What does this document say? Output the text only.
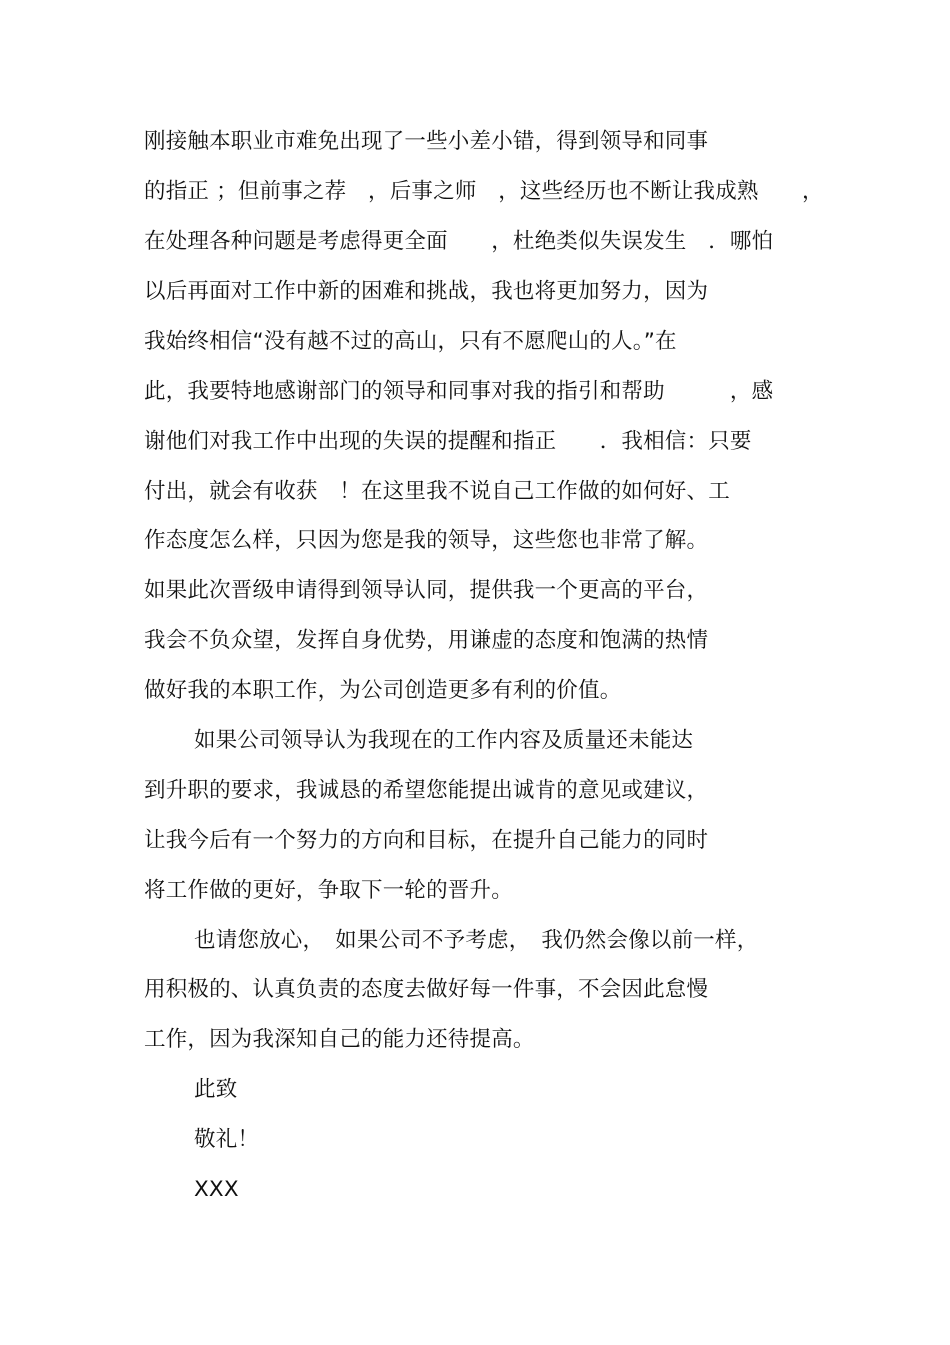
刚接触本职业市难免出现了一些小差小错，得到领导和同事
的指正 ；但前事之荐　，后事之师　，这些经历也不断让我成熟　　，
在处理各种问题是考虑得更全面　　，杜绝类似失误发生　．哪怕
以后再面对工作中新的困难和挑战，我也将更加努力，因为
我始终相信“没有越不过的高山，只有不愿爬山的人。”在
此，我要特地感谢部门的领导和同事对我的指引和帮助　　　，感
谢他们对我工作中出现的失误的提醒和指正　　．我相信：只要
付出，就会有收获　！在这里我不说自己工作做的如何好、工
作态度怎么样，只因为您是我的领导，这些您也非常了解。
如果此次晋级申请得到领导认同，提供我一个更高的平台，
我会不负众望，发挥自身优势，用谦虚的态度和饱满的热情
做好我的本职工作，为公司创造更多有利的价值。
如果公司领导认为我现在的工作内容及质量还未能达
到升职的要求，我诚恳的希望您能提出诚肯的意见或建议，
让我今后有一个努力的方向和目标，在提升自己能力的同时
将工作做的更好，争取下一轮的晋升。
也请您放心，　如果公司不予考虑，　我仍然会像以前一样，
用积极的、认真负责的态度去做好每一件事，不会因此怠慢
工作，因为我深知自己的能力还待提高。
此致
敬礼！
XXX
